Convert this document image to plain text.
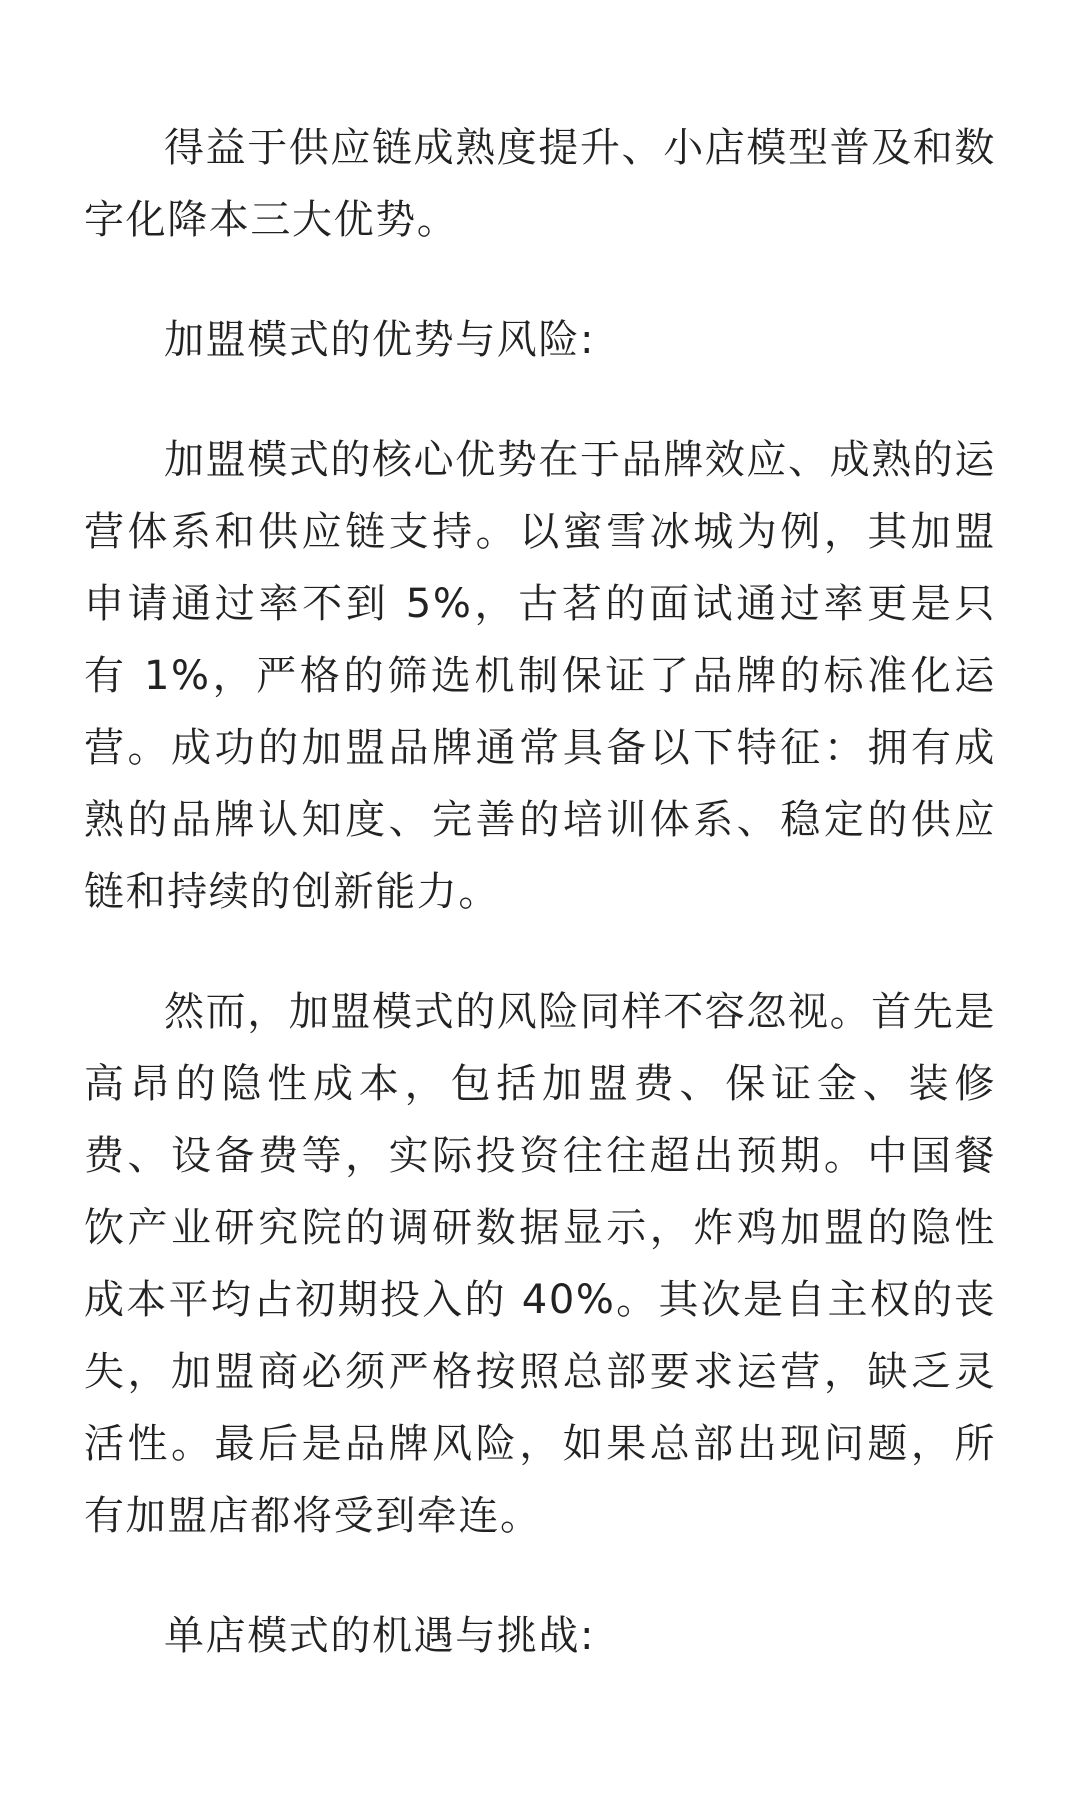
得益于供应链成熟度提升、小店模型普及和数字化降本三大优势。

加盟模式的优势与风险:

加盟模式的核心优势在于品牌效应、成熟的运营体系和供应链支持。以蜜雪冰城为例，其加盟申请通过率不到 5%，古茗的面试通过率更是只有 1%，严格的筛选机制保证了品牌的标准化运营。成功的加盟品牌通常具备以下特征：拥有成熟的品牌认知度、完善的培训体系、稳定的供应链和持续的创新能力。

然而，加盟模式的风险同样不容忽视。首先是高昂的隐性成本，包括加盟费、保证金、装修费、设备费等，实际投资往往超出预期。中国餐饮产业研究院的调研数据显示，炸鸡加盟的隐性成本平均占初期投入的 40%。其次是自主权的丧失，加盟商必须严格按照总部要求运营，缺乏灵活性。最后是品牌风险，如果总部出现问题，所有加盟店都将受到牵连。

单店模式的机遇与挑战:
